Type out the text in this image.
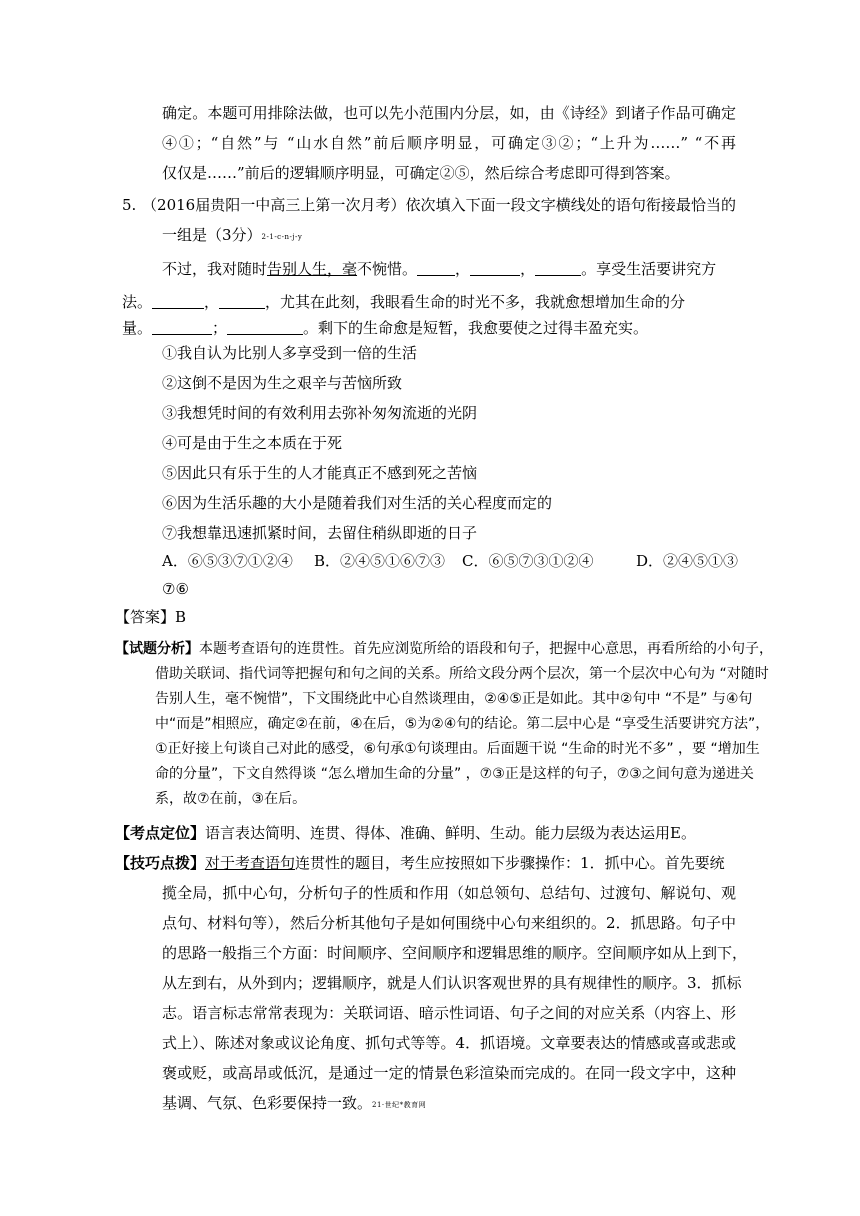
确定。本题可用排除法做，也可以先小范围内分层，如，由《诗经》到诸子作品可确定
④①；“自然”与 “山水自然”前后顺序明显，可确定③②；“上升为……” “不再
仅仅是……”前后的逻辑顺序明显，可确定②⑤，然后综合考虑即可得到答案。
5. （2016届贵阳一中高三上第一次月考）依次填入下面一段文字横线处的语句衔接最恰当的
一组是（3分）2-1-c-n-j-y
不过，我对随时告别人生，毫不惋惜。	，	，	。享受生活要讲究方
法。	，	，尤其在此刻，我眼看生命的时光不多，我就愈想增加生命的分
量。	；	。剩下的生命愈是短暂，我愈要使之过得丰盈充实。
①我自认为比别人多享受到一倍的生活
②这倒不是因为生之艰辛与苦恼所致
③我想凭时间的有效利用去弥补匆匆流逝的光阴
④可是由于生之本质在于死
⑤因此只有乐于生的人才能真正不感到死之苦恼
⑥因为生活乐趣的大小是随着我们对生活的关心程度而定的
⑦我想靠迅速抓紧时间，去留住稍纵即逝的日子
A．⑥⑤③⑦①②④ B．②④⑤①⑥⑦③ C．⑥⑤⑦③①②④	D．②④⑤①③
⑦⑥
【答案】B
【试题分析】本题考查语句的连贯性。首先应浏览所给的语段和句子，把握中心意思，再看所给的小句子，
借助关联词、指代词等把握句和句之间的关系。所给文段分两个层次，第一个层次中心句为 “对随时
告别人生，毫不惋惜”，下文围绕此中心自然谈理由，②④⑤正是如此。其中②句中 “不是” 与④句
中“而是”相照应，确定②在前，④在后，⑤为②④句的结论。第二层中心是 “享受生活要讲究方法”，
①正好接上句谈自己对此的感受，⑥句承①句谈理由。后面题干说 “生命的时光不多” ，要 “增加生
命的分量”，下文自然得谈 “怎么增加生命的分量” ，⑦③正是这样的句子，⑦③之间句意为递进关
系，故⑦在前，③在后。
【考点定位】语言表达简明、连贯、得体、准确、鲜明、生动。能力层级为表达运用E。
【技巧点拨】对于考查语句连贯性的题目，考生应按照如下步骤操作：1．抓中心。首先要统
揽全局，抓中心句，分析句子的性质和作用（如总领句、总结句、过渡句、解说句、观
点句、材料句等），然后分析其他句子是如何围绕中心句来组织的。2．抓思路。句子中
的思路一般指三个方面：时间顺序、空间顺序和逻辑思维的顺序。空间顺序如从上到下，
从左到右，从外到内；逻辑顺序，就是人们认识客观世界的具有规律性的顺序。3．抓标
志。语言标志常常表现为：关联词语、暗示性词语、句子之间的对应关系（内容上、形
式上）、陈述对象或议论角度、抓句式等等。4．抓语境。文章要表达的情感或喜或悲或
褒或贬，或高昂或低沉，是通过一定的情景色彩渲染而完成的。在同一段文字中，这种
基调、气氛、色彩要保持一致。21·世纪*教育网
